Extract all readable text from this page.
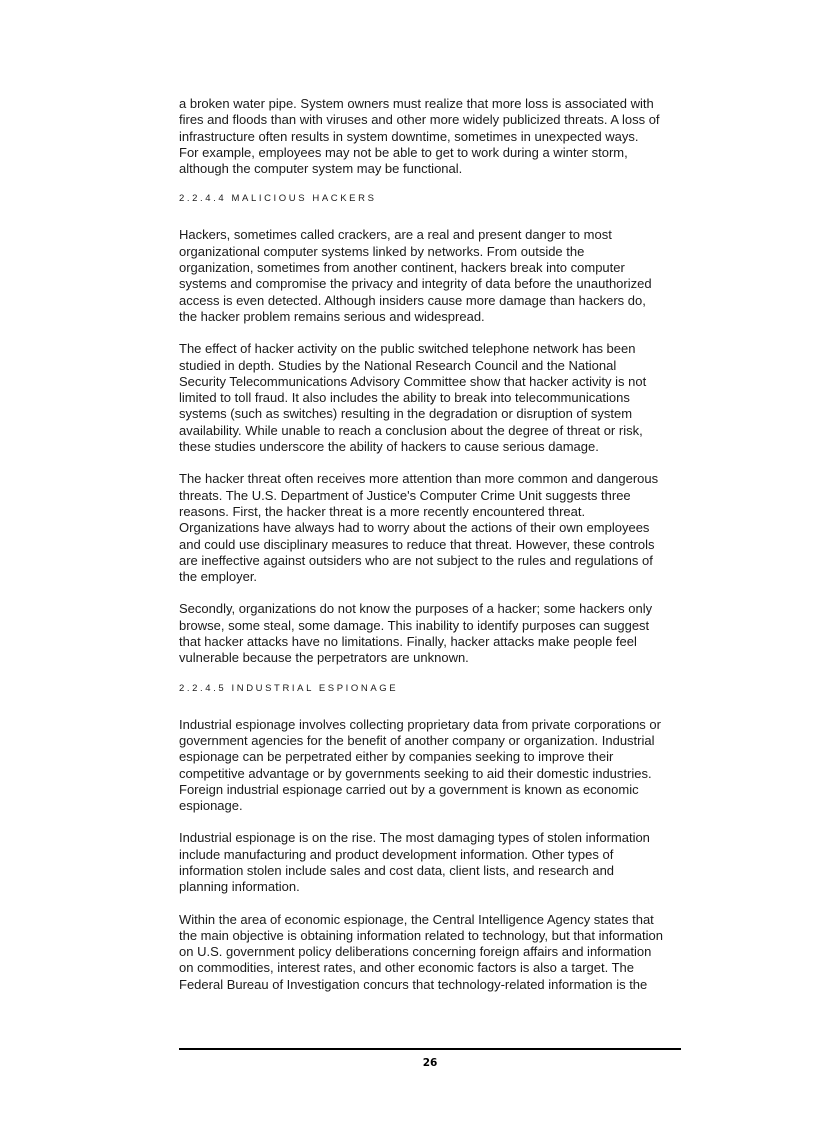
a broken water pipe. System owners must realize that more loss is associated with
fires and floods than with viruses and other more widely publicized threats. A loss of
infrastructure often results in system downtime, sometimes in unexpected ways.
For example, employees may not be able to get to work during a winter storm,
although the computer system may be functional.

2.2.4.4 MALICIOUS HACKERS

Hackers, sometimes called crackers, are a real and present danger to most
organizational computer systems linked by networks. From outside the
organization, sometimes from another continent, hackers break into computer
systems and compromise the privacy and integrity of data before the unauthorized
access is even detected. Although insiders cause more damage than hackers do,
the hacker problem remains serious and widespread.

The effect of hacker activity on the public switched telephone network has been
studied in depth. Studies by the National Research Council and the National
Security Telecommunications Advisory Committee show that hacker activity is not
limited to toll fraud. It also includes the ability to break into telecommunications
systems (such as switches) resulting in the degradation or disruption of system
availability. While unable to reach a conclusion about the degree of threat or risk,
these studies underscore the ability of hackers to cause serious damage.

The hacker threat often receives more attention than more common and dangerous
threats. The U.S. Department of Justice's Computer Crime Unit suggests three
reasons. First, the hacker threat is a more recently encountered threat.
Organizations have always had to worry about the actions of their own employees
and could use disciplinary measures to reduce that threat. However, these controls
are ineffective against outsiders who are not subject to the rules and regulations of
the employer.

Secondly, organizations do not know the purposes of a hacker; some hackers only
browse, some steal, some damage. This inability to identify purposes can suggest
that hacker attacks have no limitations. Finally, hacker attacks make people feel
vulnerable because the perpetrators are unknown.

2.2.4.5 INDUSTRIAL ESPIONAGE

Industrial espionage involves collecting proprietary data from private corporations or
government agencies for the benefit of another company or organization. Industrial
espionage can be perpetrated either by companies seeking to improve their
competitive advantage or by governments seeking to aid their domestic industries.
Foreign industrial espionage carried out by a government is known as economic
espionage.

Industrial espionage is on the rise. The most damaging types of stolen information
include manufacturing and product development information. Other types of
information stolen include sales and cost data, client lists, and research and
planning information.

Within the area of economic espionage, the Central Intelligence Agency states that
the main objective is obtaining information related to technology, but that information
on U.S. government policy deliberations concerning foreign affairs and information
on commodities, interest rates, and other economic factors is also a target. The
Federal Bureau of Investigation concurs that technology-related information is the

26
